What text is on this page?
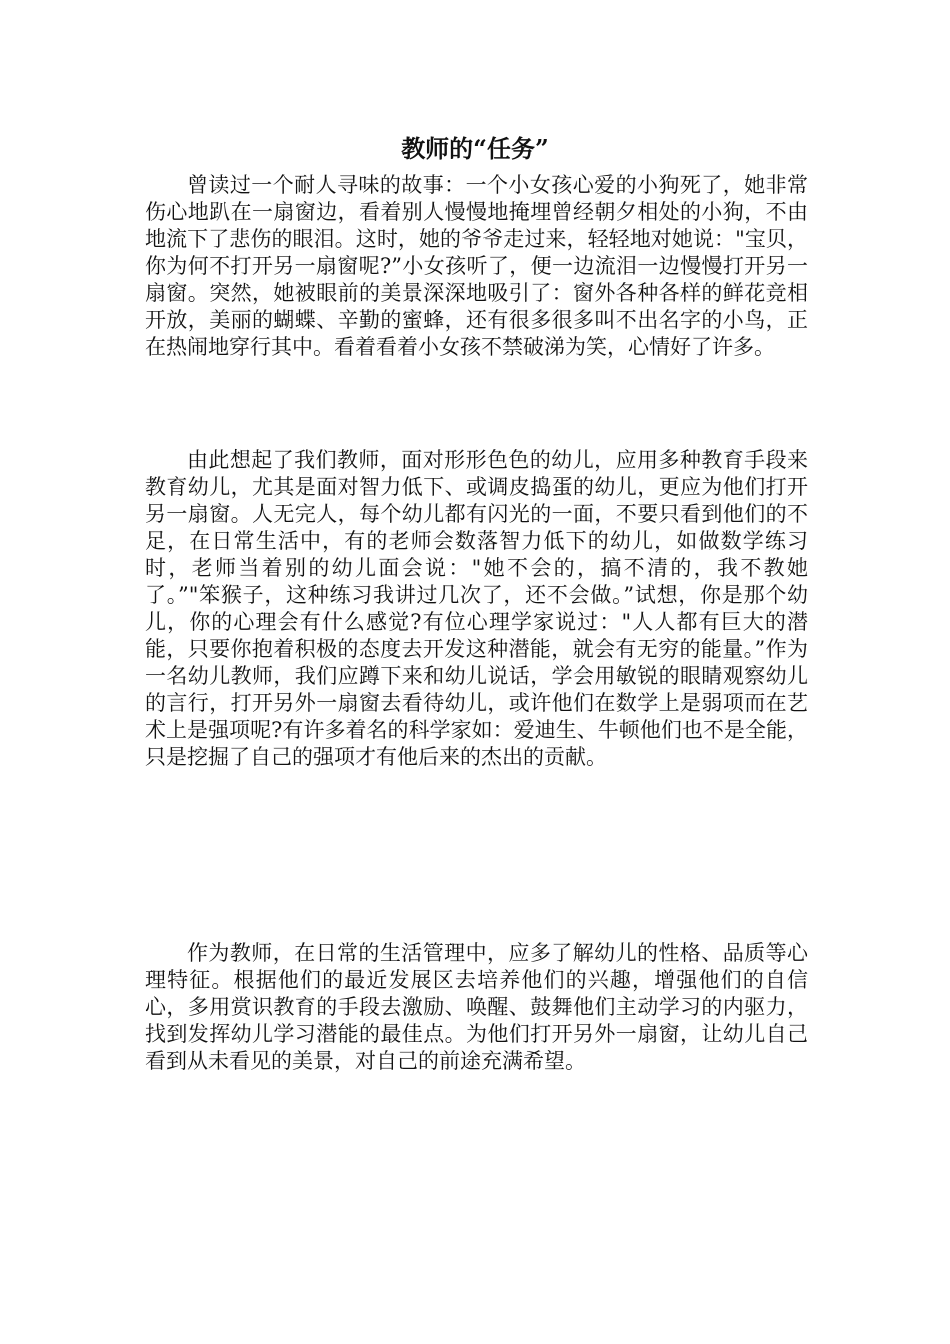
教师的“任务”

曾读过一个耐人寻味的故事：一个小女孩心爱的小狗死了，她非常伤心地趴在一扇窗边，看着别人慢慢地掩埋曾经朝夕相处的小狗，不由地流下了悲伤的眼泪。这时，她的爷爷走过来，轻轻地对她说："宝贝，你为何不打开另一扇窗呢?”小女孩听了，便一边流泪一边慢慢打开另一扇窗。突然，她被眼前的美景深深地吸引了：窗外各种各样的鲜花竞相开放，美丽的蝴蝶、辛勤的蜜蜂，还有很多很多叫不出名字的小鸟，正在热闹地穿行其中。看着看着小女孩不禁破涕为笑，心情好了许多。

由此想起了我们教师，面对形形色色的幼儿，应用多种教育手段来教育幼儿，尤其是面对智力低下、或调皮捣蛋的幼儿，更应为他们打开另一扇窗。人无完人，每个幼儿都有闪光的一面，不要只看到他们的不足，在日常生活中，有的老师会数落智力低下的幼儿，如做数学练习时，老师当着别的幼儿面会说："她不会的，搞不清的，我不教她了。”"笨猴子，这种练习我讲过几次了，还不会做。”试想，你是那个幼儿，你的心理会有什么感觉?有位心理学家说过："人人都有巨大的潜能，只要你抱着积极的态度去开发这种潜能，就会有无穷的能量。”作为一名幼儿教师，我们应蹲下来和幼儿说话，学会用敏锐的眼睛观察幼儿的言行，打开另外一扇窗去看待幼儿，或许他们在数学上是弱项而在艺术上是强项呢?有许多着名的科学家如：爱迪生、牛顿他们也不是全能，只是挖掘了自己的强项才有他后来的杰出的贡献。

作为教师，在日常的生活管理中，应多了解幼儿的性格、品质等心理特征。根据他们的最近发展区去培养他们的兴趣，增强他们的自信心，多用赏识教育的手段去激励、唤醒、鼓舞他们主动学习的内驱力，找到发挥幼儿学习潜能的最佳点。为他们打开另外一扇窗，让幼儿自己看到从未看见的美景，对自己的前途充满希望。
